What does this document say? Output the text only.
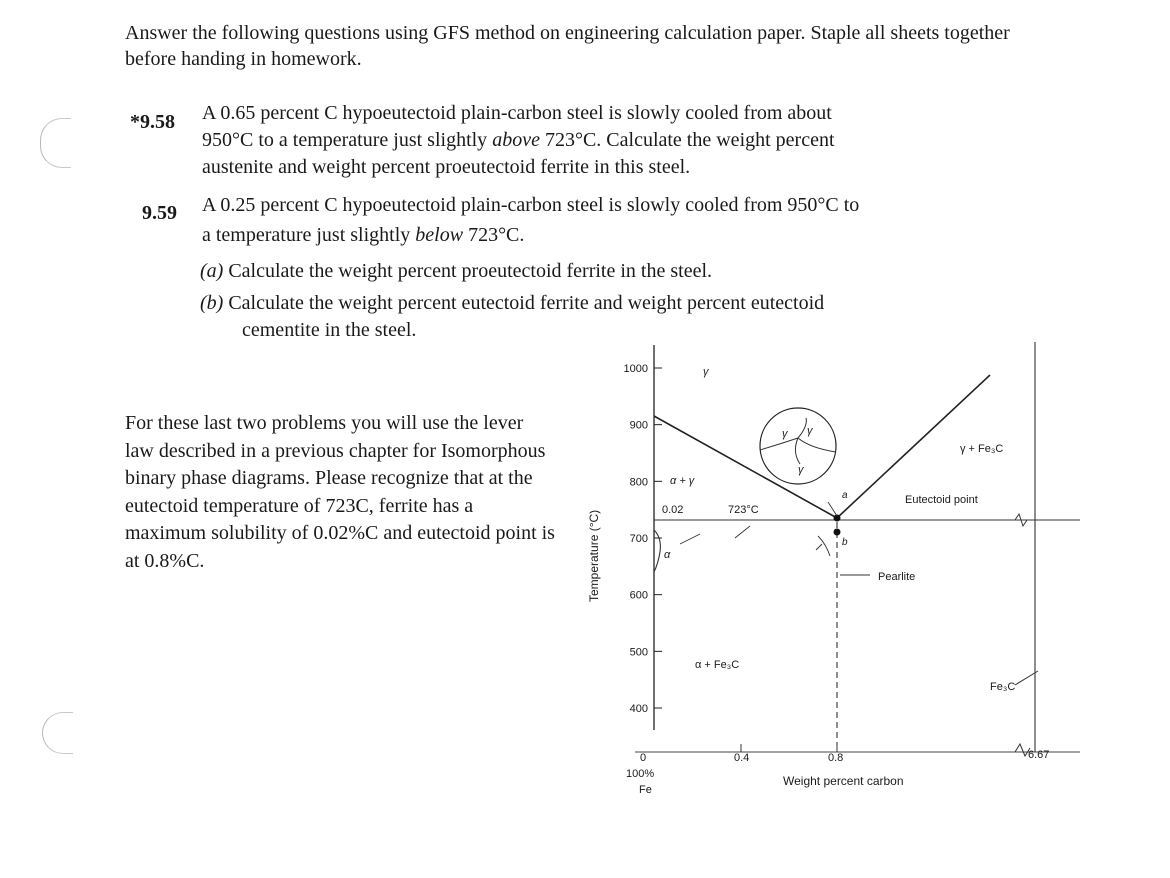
Answer the following questions using GFS method on engineering calculation paper. Staple all sheets together before handing in homework.
*9.58 A 0.65 percent C hypoeutectoid plain-carbon steel is slowly cooled from about
950°C to a temperature just slightly above 723°C. Calculate the weight percent
austenite and weight percent proeutectoid ferrite in this steel.
9.59 A 0.25 percent C hypoeutectoid plain-carbon steel is slowly cooled from 950°C to
a temperature just slightly below 723°C.
(a) Calculate the weight percent proeutectoid ferrite in the steel.
(b) Calculate the weight percent eutectoid ferrite and weight percent eutectoid
cementite in the steel.
For these last two problems you will use the lever law described in a previous chapter for Isomorphous binary phase diagrams. Please recognize that at the eutectoid temperature of 723C, ferrite has a maximum solubility of 0.02%C and eutectoid point is at 0.8%C.
1000
900
800
700
600
500
400
γ
α + γ
α
0.02	723°C
γ γ
γ
a
b
γ + Fe₃C
Eutectoid point
Pearlite
α + Fe₃C
Fe₃C
0
100%
Fe
0.4	0.8	6.67
Weight percent carbon
Temperature (°C)
